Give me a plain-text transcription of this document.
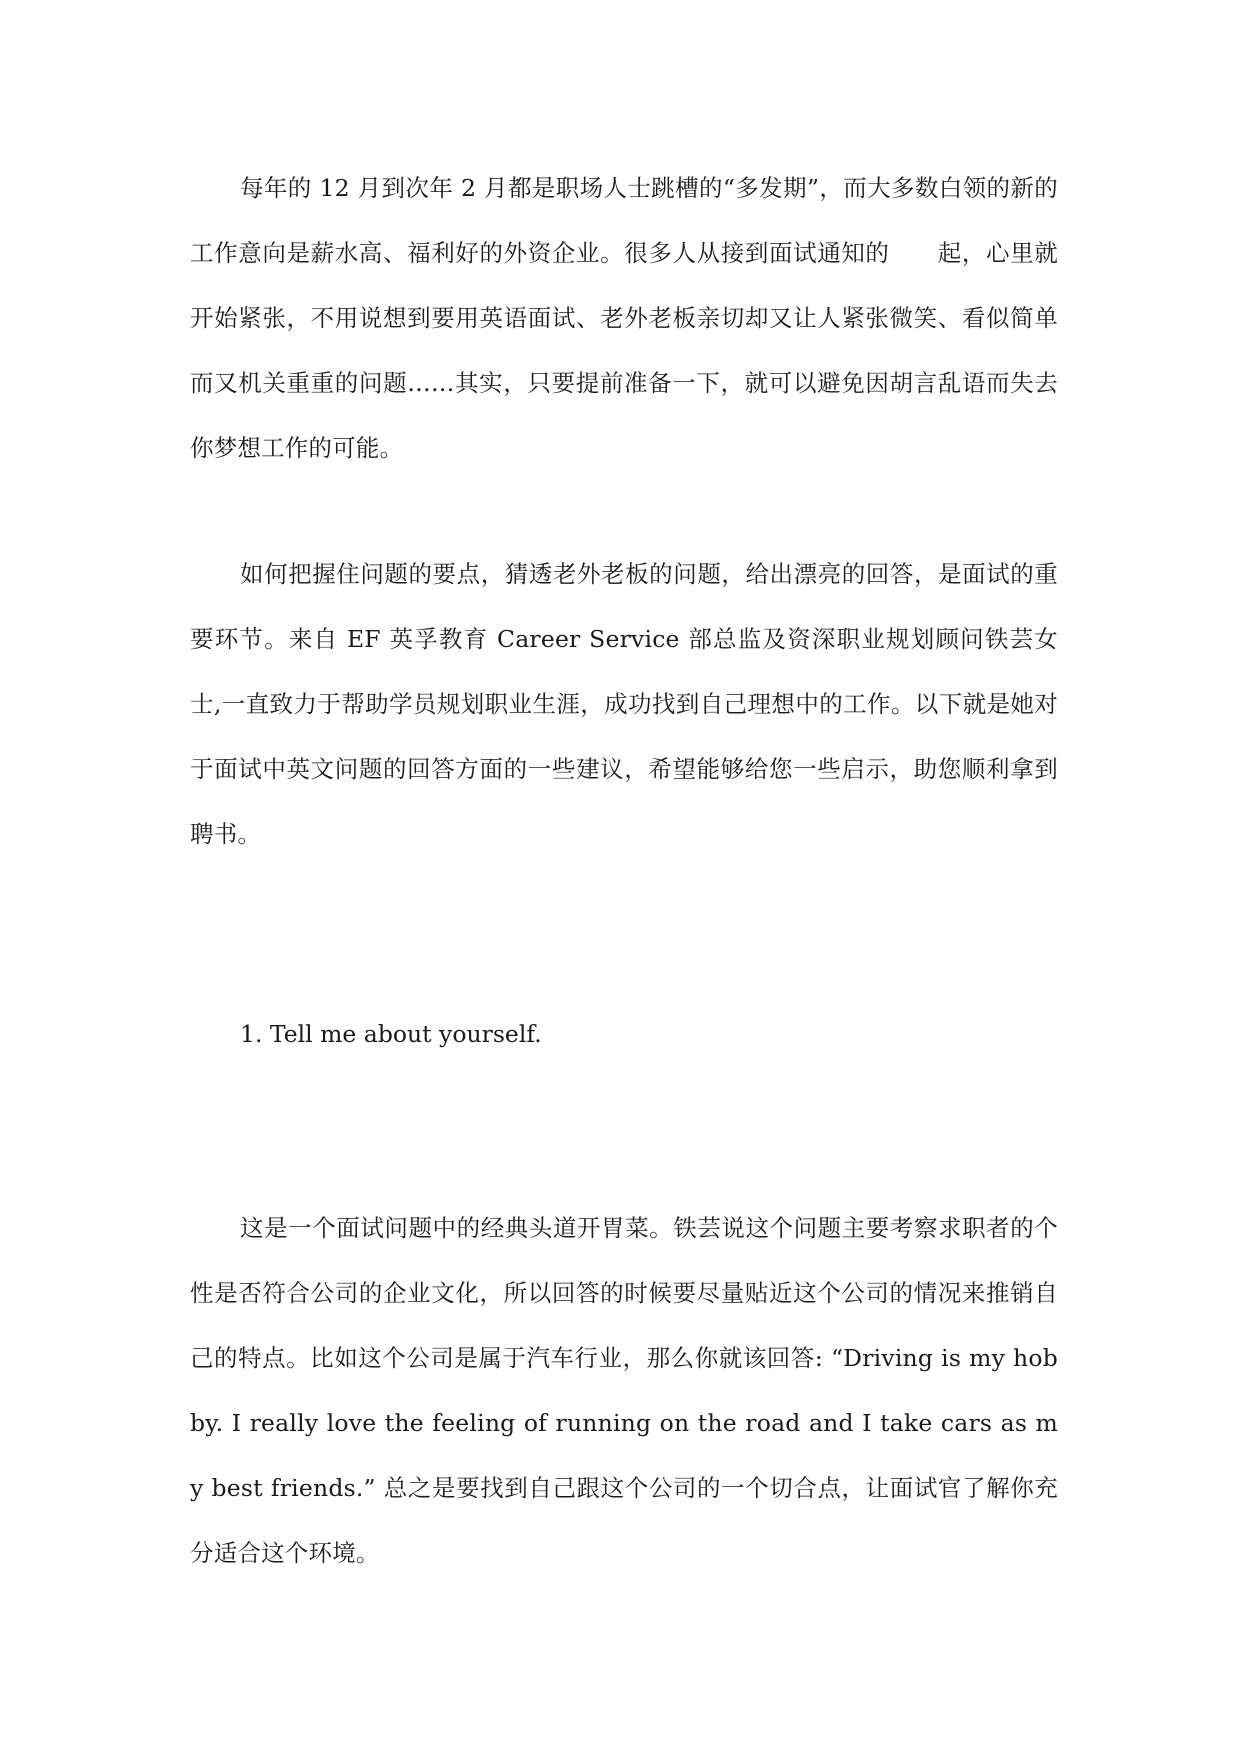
每年的 12 月到次年 2 月都是职场人士跳槽的“多发期”，而大多数白领的新的工作意向是薪水高、福利好的外资企业。很多人从接到面试通知的　　起，心里就开始紧张，不用说想到要用英语面试、老外老板亲切却又让人紧张微笑、看似简单而又机关重重的问题……其实，只要提前准备一下，就可以避免因胡言乱语而失去你梦想工作的可能。

如何把握住问题的要点，猜透老外老板的问题，给出漂亮的回答，是面试的重要环节。来自 EF 英孚教育 Career Service 部总监及资深职业规划顾问铁芸女士,一直致力于帮助学员规划职业生涯，成功找到自己理想中的工作。以下就是她对于面试中英文问题的回答方面的一些建议，希望能够给您一些启示，助您顺利拿到聘书。

1. Tell me about yourself.

这是一个面试问题中的经典头道开胃菜。铁芸说这个问题主要考察求职者的个性是否符合公司的企业文化，所以回答的时候要尽量贴近这个公司的情况来推销自己的特点。比如这个公司是属于汽车行业，那么你就该回答: “Driving is my hobby. I really love the feeling of running on the road and I take cars as my best friends.” 总之是要找到自己跟这个公司的一个切合点，让面试官了解你充分适合这个环境。
